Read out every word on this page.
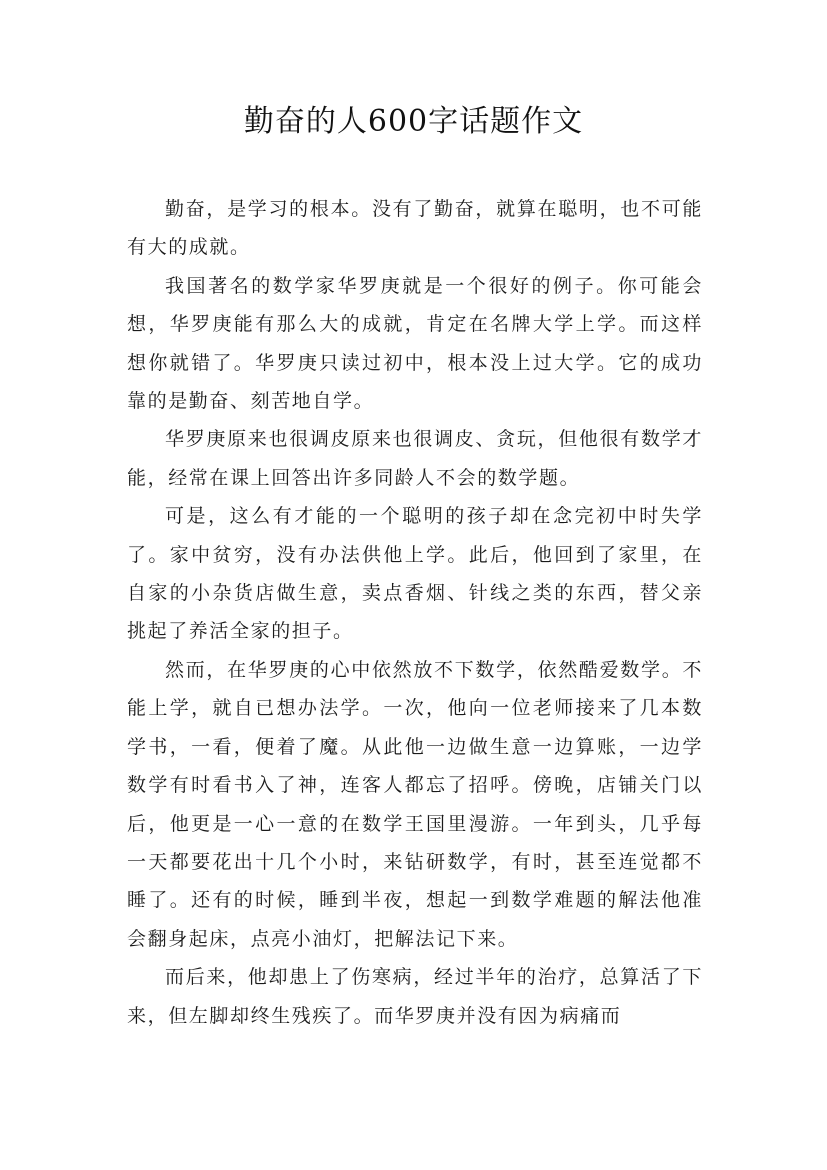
勤奋的人600字话题作文

勤奋，是学习的根本。没有了勤奋，就算在聪明，也不可能有大的成就。

我国著名的数学家华罗庚就是一个很好的例子。你可能会想，华罗庚能有那么大的成就，肯定在名牌大学上学。而这样想你就错了。华罗庚只读过初中，根本没上过大学。它的成功靠的是勤奋、刻苦地自学。

华罗庚原来也很调皮原来也很调皮、贪玩，但他很有数学才能，经常在课上回答出许多同龄人不会的数学题。

可是，这么有才能的一个聪明的孩子却在念完初中时失学了。家中贫穷，没有办法供他上学。此后，他回到了家里，在自家的小杂货店做生意，卖点香烟、针线之类的东西，替父亲挑起了养活全家的担子。

然而，在华罗庚的心中依然放不下数学，依然酷爱数学。不能上学，就自已想办法学。一次，他向一位老师接来了几本数学书，一看，便着了魔。从此他一边做生意一边算账，一边学数学有时看书入了神，连客人都忘了招呼。傍晚，店铺关门以后，他更是一心一意的在数学王国里漫游。一年到头，几乎每一天都要花出十几个小时，来钻研数学，有时，甚至连觉都不睡了。还有的时候，睡到半夜，想起一到数学难题的解法他准会翻身起床，点亮小油灯，把解法记下来。

而后来，他却患上了伤寒病，经过半年的治疗，总算活了下来，但左脚却终生残疾了。而华罗庚并没有因为病痛而
